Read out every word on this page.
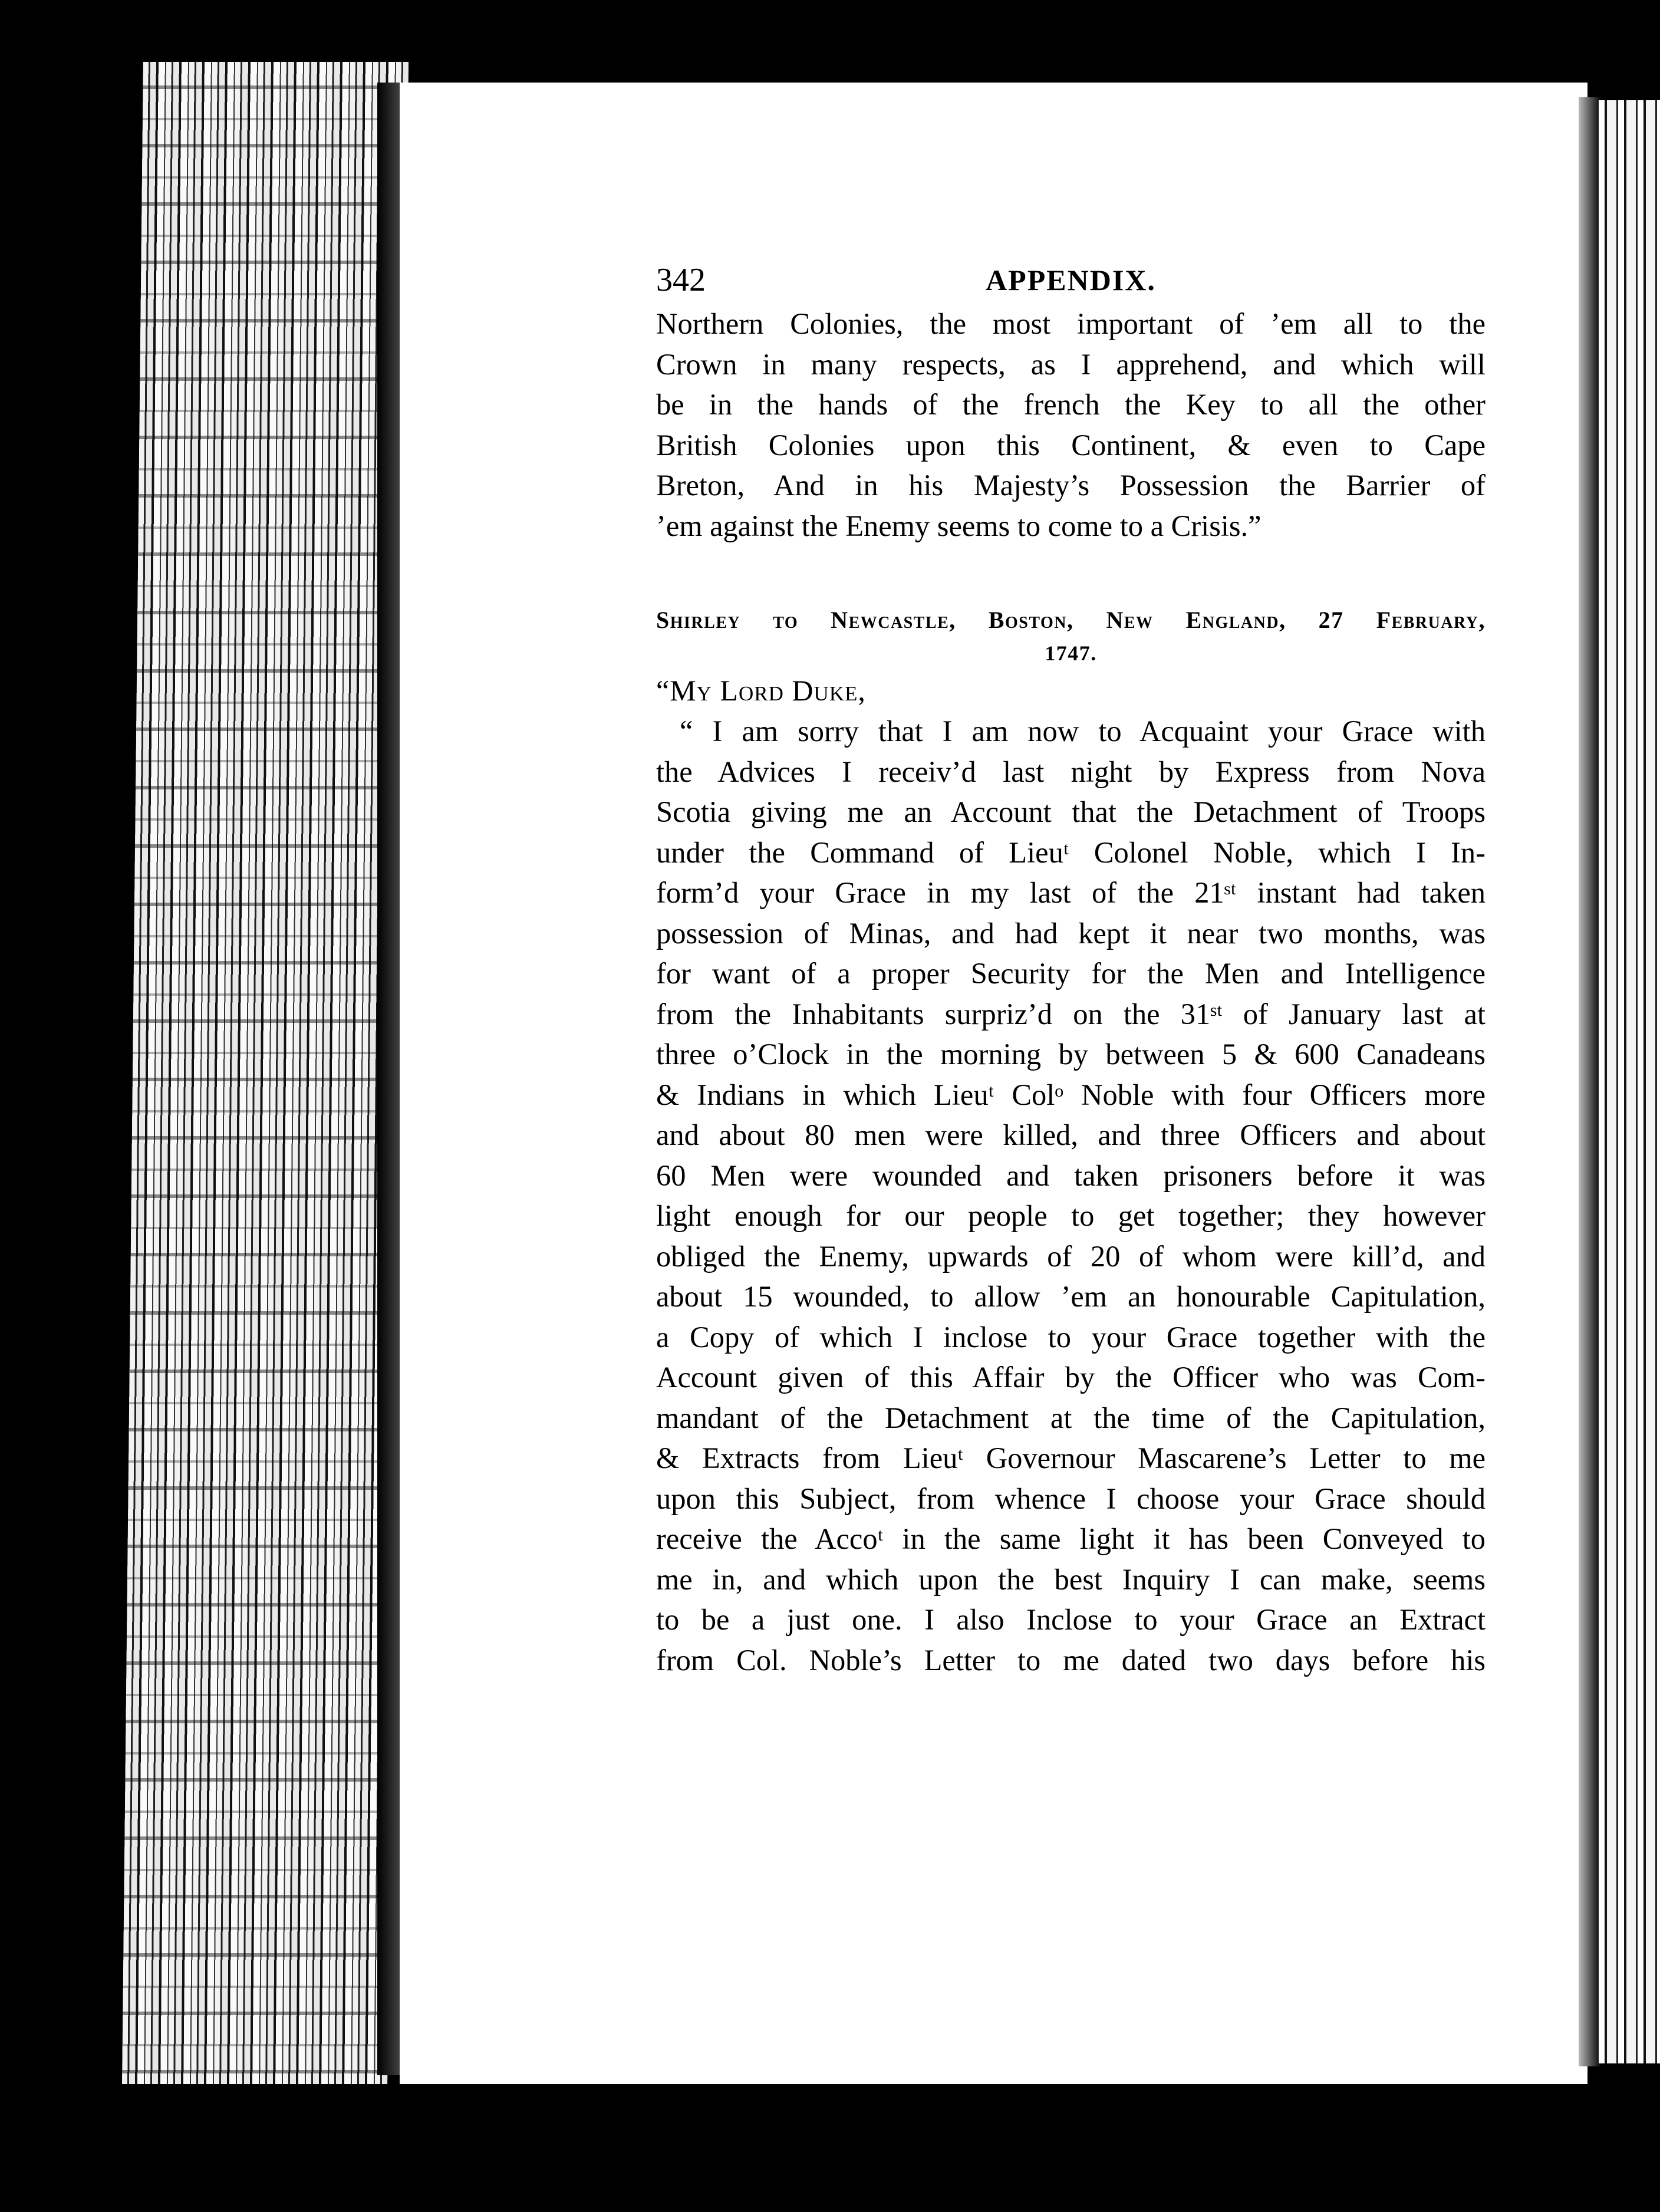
342	APPENDIX.
Northern Colonies, the most important of ’em all to the
Crown in many respects, as I apprehend, and which will
be in the hands of the french the Key to all the other
British Colonies upon this Continent, & even to Cape
Breton, And in his Majesty’s Possession the Barrier of
’em against the Enemy seems to come to a Crisis.”
Shirley to Newcastle, Boston, New England, 27 February,
1747.
“My Lord Duke,
“ I am sorry that I am now to Acquaint your Grace with
the Advices I receiv’d last night by Express from Nova
Scotia giving me an Account that the Detachment of Troops
under the Command of Lieuᵗ Colonel Noble, which I In-
form’d your Grace in my last of the 21ˢᵗ instant had taken
possession of Minas, and had kept it near two months, was
for want of a proper Security for the Men and Intelligence
from the Inhabitants surpriz’d on the 31ˢᵗ of January last at
three o’Clock in the morning by between 5 & 600 Canadeans
& Indians in which Lieuᵗ Colᵒ Noble with four Officers more
and about 80 men were killed, and three Officers and about
60 Men were wounded and taken prisoners before it was
light enough for our people to get together; they however
obliged the Enemy, upwards of 20 of whom were kill’d, and
about 15 wounded, to allow ’em an honourable Capitulation,
a Copy of which I inclose to your Grace together with the
Account given of this Affair by the Officer who was Com-
mandant of the Detachment at the time of the Capitulation,
& Extracts from Lieuᵗ Governour Mascarene’s Letter to me
upon this Subject, from whence I choose your Grace should
receive the Accoᵗ in the same light it has been Conveyed to
me in, and which upon the best Inquiry I can make, seems
to be a just one. I also Inclose to your Grace an Extract
from Col. Noble’s Letter to me dated two days before his
